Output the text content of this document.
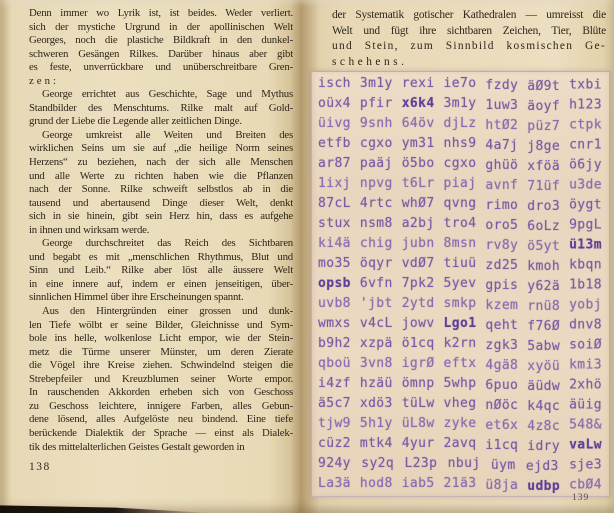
Denn immer wo Lyrik ist, ist beides. Weder verliert.
sich der mystiche Urgrund in der apollinischen Welt
Georges, noch die plastiche Bildkraft in den dunkel-
schweren Gesängen Rilkes. Darüber hinaus aber gibt
es feste, unverrückbare und unüberschreitbare Gren-
zen:
George errichtet aus Geschichte, Sage und Mythus
Standbilder des Menschtums. Rilke malt auf Gold-
grund der Liebe die Legende aller zeitlichen Dinge.
George umkreist alle Weiten und Breiten des
wirklichen Seins um sie auf „die heilige Norm seines
Herzens“ zu beziehen, nach der sich alle Menschen
und alle Werte zu richten haben wie die Pflanzen
nach der Sonne. Rilke schweift selbstlos ab in die
tausend und abertausend Dinge dieser Welt, denkt
sich in sie hinein, gibt sein Herz hin, dass es aufgehe
in ihnen und wirksam werde.
George durchschreitet das Reich des Sichtbaren
und begabt es mit „menschlichen Rhythmus, Blut und
Sinn und Leib.“ Rilke aber löst alle äussere Welt
in eine innere auf, indem er einen jenseitigen, über-
sinnlichen Himmel über ihre Erscheinungen spannt.
Aus den Hintergründen einer grossen und dunk-
len Tiefe wölbt er seine Bilder, Gleichnisse und Sym-
bole ins helle, wolkenlose Licht empor, wie der Stein-
metz die Türme unserer Münster, um deren Zierate
die Vögel ihre Kreise ziehen. Schwindelnd steigen die
Strebepfeiler und Kreuzblumen seiner Worte empor.
In rauschenden Akkorden erheben sich von Geschoss
zu Geschoss leichtere, innigere Farben, alles Gebun-
dene lösend, alles Aufgelöste neu bindend. Eine tiefe
berückende Dialektik der Sprache — einst als Dialek-
tik des mittelalterlichen Geistes Gestalt geworden in
138
der Systematik gotischer Kathedralen — umreisst die
Welt und fügt ihre sichtbaren Zeichen, Tier, Blüte
und Stein, zum Sinnbild kosmischen Ge-
schehens.
isch 3m1y rexi ie7o fzdy äØ9t txbi
oüx4 pfir x6k4 3m1y 1uw3 äoyf h123
üivg 9snh 64öv djLz htØ2 püz7 ctpk
etfb cgxo ym31 nhs9 4a7j j8ge cnr1
ar87 paäj ö5bo cgxo ghüö xföä ö6jy
1ixj npvg t6Lr piaj avnf 71üf u3de
87cL 4rtc whØ7 qvng rimo dro3 öygt
stux nsm8 a2bj tro4 oro5 6oLz 9pgL
ki4ä chig jubn 8msn rv8y ö5yt ü13m
mo35 öqyr vdØ7 tiuü zd25 kmoh kbqn
opsb 6vfn 7pk2 5yev gpis y62ä 1b18
uvb8 'jbt 2ytd smkp kzem rnü8 yobj
wmxs v4cL jowv Lgo1 qeht f76Ø dnv8
b9h2 xzpä ö1cq k2rn zgk3 5abw soiØ
qboü 3vn8 igrØ eftx 4gä8 xyöü kmi3
i4zf hzäü ömnp 5whp 6puo äüdw 2xhö
ä5c7 xdö3 tüLw vheg nØöc k4qc äüig
tjw9 5h1y üL8w zyke et6x 4z8c 548&
cüz2 mtk4 4yur 2avq i1cq idry vaLw
924y sy2q L23p nbuj üym ejd3 sje3
La3ä hod8 iab5 21ä3 ü8ja udbp cbØ4
139
